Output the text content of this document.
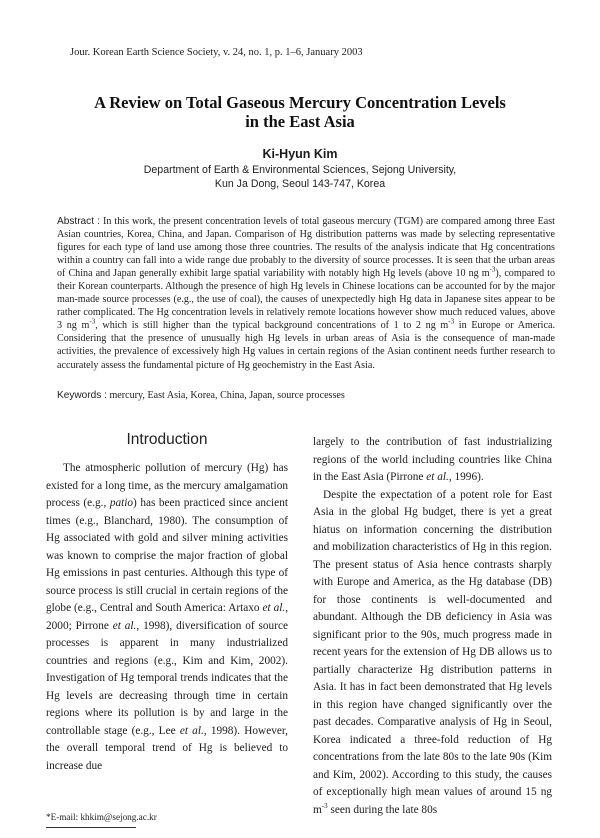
Jour. Korean Earth Science Society, v. 24, no. 1, p. 1–6, January 2003
A Review on Total Gaseous Mercury Concentration Levels
in the East Asia
Ki-Hyun Kim
Department of Earth & Environmental Sciences, Sejong University,
Kun Ja Dong, Seoul 143-747, Korea
Abstract : In this work, the present concentration levels of total gaseous mercury (TGM) are compared among three East Asian countries, Korea, China, and Japan. Comparison of Hg distribution patterns was made by selecting representative figures for each type of land use among those three countries. The results of the analysis indicate that Hg concentrations within a country can fall into a wide range due probably to the diversity of source processes. It is seen that the urban areas of China and Japan generally exhibit large spatial variability with notably high Hg levels (above 10 ng $m^{-3}$), compared to their Korean counterparts. Although the presence of high Hg levels in Chinese locations can be accounted for by the major man-made source processes (e.g., the use of coal), the causes of unexpectedly high Hg data in Japanese sites appear to be rather complicated. The Hg concentration levels in relatively remote locations however show much reduced values, above 3 ng $m^{-3}$, which is still higher than the typical background concentrations of 1 to 2 ng $m^{-3}$ in Europe or America. Considering that the presence of unusually high Hg levels in urban areas of Asia is the consequence of man-made activities, the prevalence of excessively high Hg values in certain regions of the Asian continent needs further research to accurately assess the fundamental picture of Hg geochemistry in the East Asia.
Keywords : mercury, East Asia, Korea, China, Japan, source processes
Introduction
The atmospheric pollution of mercury (Hg) has existed for a long time, as the mercury amalgamation process (e.g., patio) has been practiced since ancient times (e.g., Blanchard, 1980). The consumption of Hg associated with gold and silver mining activities was known to comprise the major fraction of global Hg emissions in past centuries. Although this type of source process is still crucial in certain regions of the globe (e.g., Central and South America: Artaxo et al., 2000; Pirrone et al., 1998), diversification of source processes is apparent in many industrialized countries and regions (e.g., Kim and Kim, 2002). Investigation of Hg temporal trends indicates that the Hg levels are decreasing through time in certain regions where its pollution is by and large in the controllable stage (e.g., Lee et al., 1998). However, the overall temporal trend of Hg is believed to increase due

largely to the contribution of fast industrializing regions of the world including countries like China in the East Asia (Pirrone et al., 1996).

Despite the expectation of a potent role for East Asia in the global Hg budget, there is yet a great hiatus on information concerning the distribution and mobilization characteristics of Hg in this region. The present status of Asia hence contrasts sharply with Europe and America, as the Hg database (DB) for those continents is well-documented and abundant. Although the DB deficiency in Asia was significant prior to the 90s, much progress made in recent years for the extension of Hg DB allows us to partially characterize Hg distribution patterns in Asia. It has in fact been demonstrated that Hg levels in this region have changed significantly over the past decades. Comparative analysis of Hg in Seoul, Korea indicated a three-fold reduction of Hg concentrations from the late 80s to the late 90s (Kim and Kim, 2002). According to this study, the causes of exceptionally high mean values of around 15 ng $m^{-3}$ seen during the late 80s

*E-mail: khkim@sejong.ac.kr
